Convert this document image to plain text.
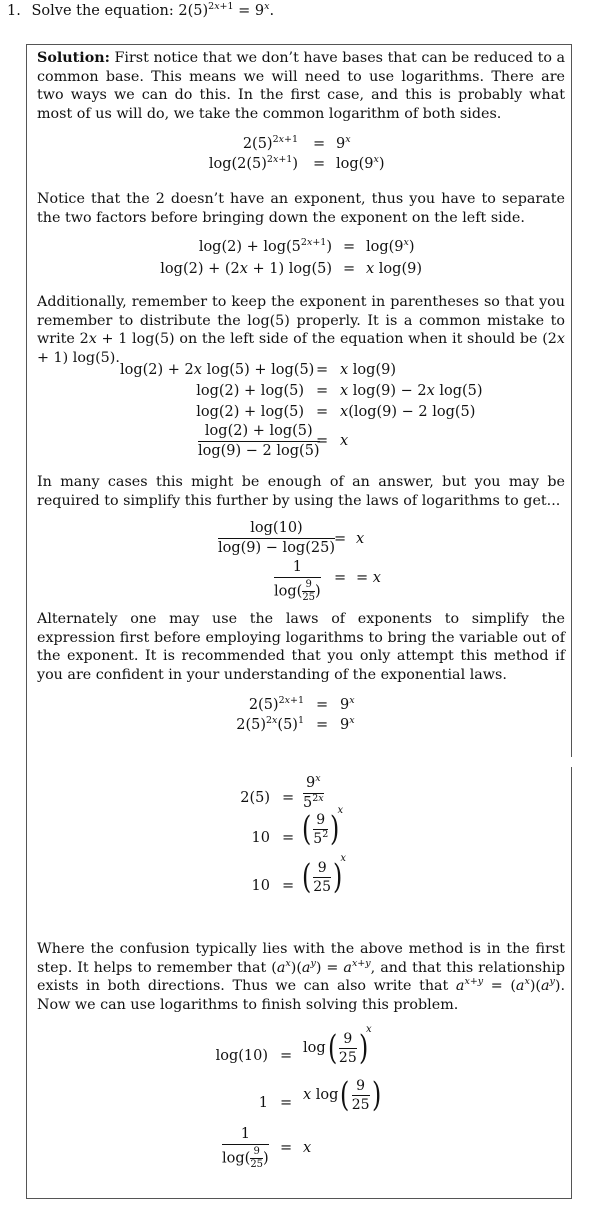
1. Solve the equation: $2(5)^{2x+1} = 9^x$.
Solution: First notice that we don’t have bases that can be reduced to a common base. This means we will need to use logarithms. There are two ways we can do this. In the first case, and this is probably what most of us will do, we take the common logarithm of both sides.
$2(5)^{2x+1} = 9^x$
$\log(2(5)^{2x+1}) = \log(9^x)$
Notice that the 2 doesn’t have an exponent, thus you have to separate the two factors before bringing down the exponent on the left side.
$\log(2) + \log(5^{2x+1}) = \log(9^x)$
log(2) + (2x + 1) log(5) = x log(9)
Additionally, remember to keep the exponent in parentheses so that you remember to distribute the log(5) properly. It is a common mistake to write 2x + 1 log(5) on the left side of the equation when it should be (2x + 1) log(5).
log(2) + 2x log(5) + log(5) = x log(9)
log(2) + log(5) = x log(9) − 2x log(5)
log(2) + log(5) = x(log(9) − 2 log(5)
$\frac{\log(2) + \log(5)}{\log(9) - 2 \log(5)}$
= x
In many cases this might be enough of an answer, but you may be required to simplify this further by using the laws of logarithms to get...
$\frac{\log(10)}{\log(9) - \log(25)} = x$
$\frac{1}{\log( \frac{9}{25} )}$ = = x
Alternately one may use the laws of exponents to simplify the expression first before employing logarithms to bring the variable out of the exponent. It is recommended that you only attempt this method if you are confident in your understanding of the exponential laws.
$2(5)^{2x+1} = 9^x$
$2(5)^{2x}(5)^1 = 9^x$
$2(5) = \frac{9^x}{5^{2x}}$
10 = ( $\frac{9}{5^2} )x$
10 = ( $\frac{9}{25} )x$
Where the confusion typically lies with the above method is in the first step. It helps to remember that $(a^x)(a^y) = a^{x+y}$, and that this relationship exists in both directions. Thus we can also write that $a^{x+y} = (a^x)(a^y)$. Now we can use logarithms to finish solving this problem.
log(10) =
$\log( \frac{9}{25} )x$
1 =
x $\log( \frac{9}{25}$ )
$\frac{1}{\log( \frac{9}{25} )} = x$
